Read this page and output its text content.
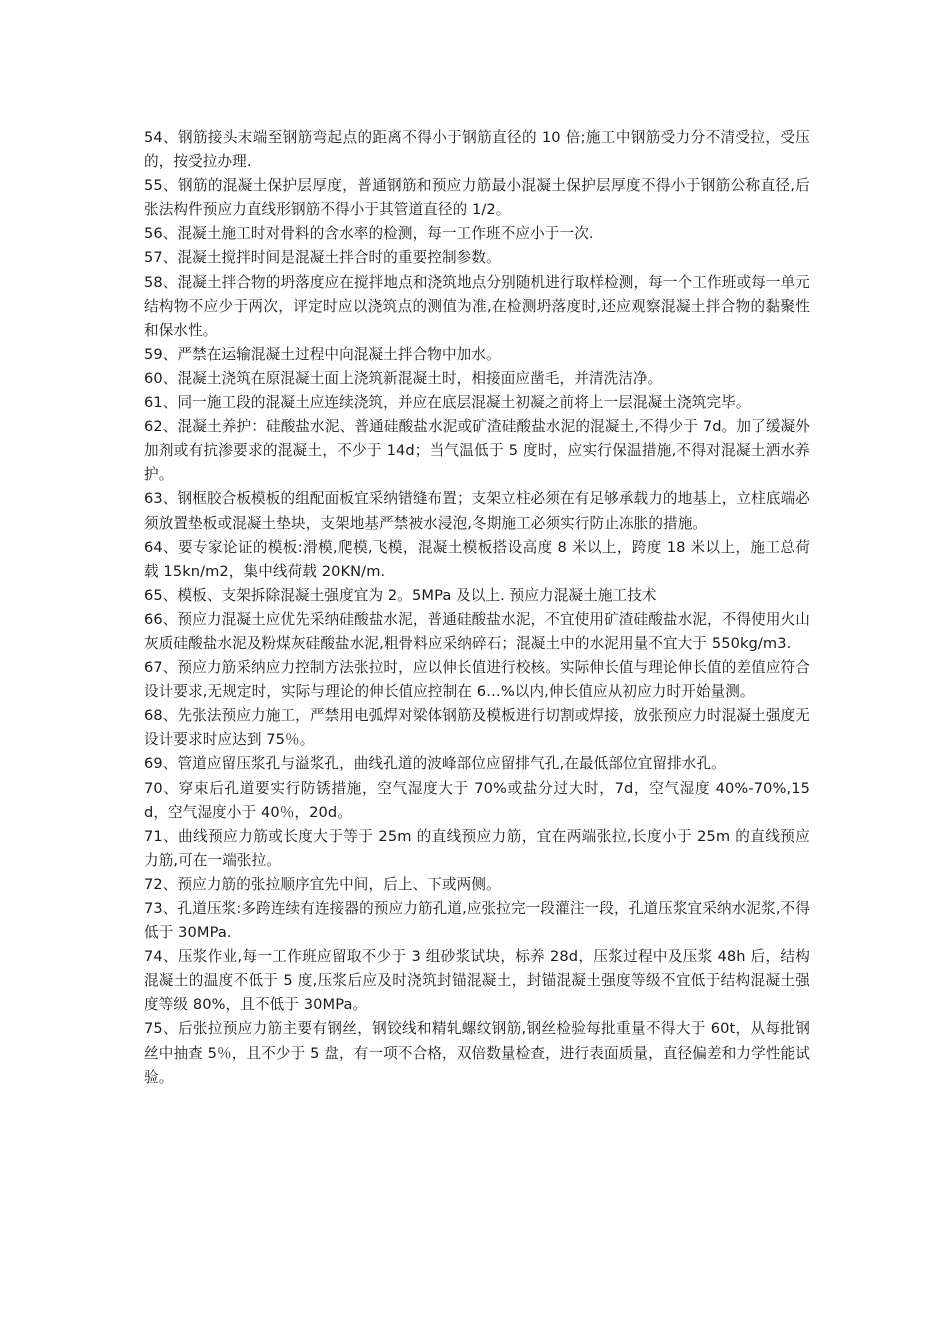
54、钢筋接头末端至钢筋弯起点的距离不得小于钢筋直径的 10 倍;施工中钢筋受力分不清受拉，受压的，按受拉办理.

55、钢筋的混凝土保护层厚度，普通钢筋和预应力筋最小混凝土保护层厚度不得小于钢筋公称直径,后张法构件预应力直线形钢筋不得小于其管道直径的 1/2。

56、混凝土施工时对骨料的含水率的检测，每一工作班不应小于一次.

57、混凝土搅拌时间是混凝土拌合时的重要控制参数。

58、混凝土拌合物的坍落度应在搅拌地点和浇筑地点分别随机进行取样检测，每一个工作班或每一单元结构物不应少于两次，评定时应以浇筑点的测值为准,在检测坍落度时,还应观察混凝土拌合物的黏聚性和保水性。

59、严禁在运输混凝土过程中向混凝土拌合物中加水。

60、混凝土浇筑在原混凝土面上浇筑新混凝土时，相接面应凿毛，并清洗洁净。

61、同一施工段的混凝土应连续浇筑，并应在底层混凝土初凝之前将上一层混凝土浇筑完毕。

62、混凝土养护：硅酸盐水泥、普通硅酸盐水泥或矿渣硅酸盐水泥的混凝土,不得少于 7d。加了缓凝外加剂或有抗渗要求的混凝土，不少于 14d；当气温低于 5 度时，应实行保温措施,不得对混凝土洒水养护。

63、钢框胶合板模板的组配面板宜采纳错缝布置；支架立柱必须在有足够承载力的地基上，立柱底端必须放置垫板或混凝土垫块，支架地基严禁被水浸泡,冬期施工必须实行防止冻胀的措施。

64、要专家论证的模板:滑模,爬模,飞模，混凝土模板搭设高度 8 米以上，跨度 18 米以上，施工总荷载 15kn/m2，集中线荷载 20KN/m.

65、模板、支架拆除混凝土强度宜为 2。5MPa 及以上. 预应力混凝土施工技术

66、预应力混凝土应优先采纳硅酸盐水泥，普通硅酸盐水泥，不宜使用矿渣硅酸盐水泥，不得使用火山灰质硅酸盐水泥及粉煤灰硅酸盐水泥,粗骨料应采纳碎石；混凝土中的水泥用量不宜大于 550kg/m3.

67、预应力筋采纳应力控制方法张拉时，应以伸长值进行校核。实际伸长值与理论伸长值的差值应符合设计要求,无规定时，实际与理论的伸长值应控制在 6…%以内,伸长值应从初应力时开始量测。

68、先张法预应力施工，严禁用电弧焊对梁体钢筋及模板进行切割或焊接，放张预应力时混凝土强度无设计要求时应达到 75％。

69、管道应留压浆孔与溢浆孔，曲线孔道的波峰部位应留排气孔,在最低部位宜留排水孔。

70、穿束后孔道要实行防锈措施，空气湿度大于 70%或盐分过大时，7d，空气湿度 40%-70%,15d，空气湿度小于 40％，20d。

71、曲线预应力筋或长度大于等于 25m 的直线预应力筋，宜在两端张拉,长度小于 25m 的直线预应力筋,可在一端张拉。

72、预应力筋的张拉顺序宜先中间，后上、下或两侧。

73、孔道压浆:多跨连续有连接器的预应力筋孔道,应张拉完一段灌注一段，孔道压浆宜采纳水泥浆,不得低于 30MPa.

74、压浆作业,每一工作班应留取不少于 3 组砂浆试块，标养 28d，压浆过程中及压浆 48h 后，结构混凝土的温度不低于 5 度,压浆后应及时浇筑封锚混凝土，封锚混凝土强度等级不宜低于结构混凝土强度等级 80%，且不低于 30MPa。

75、后张拉预应力筋主要有钢丝，钢铰线和精轧螺纹钢筋,钢丝检验每批重量不得大于 60t，从每批钢丝中抽查 5％，且不少于 5 盘，有一项不合格，双倍数量检查，进行表面质量，直径偏差和力学性能试验。
